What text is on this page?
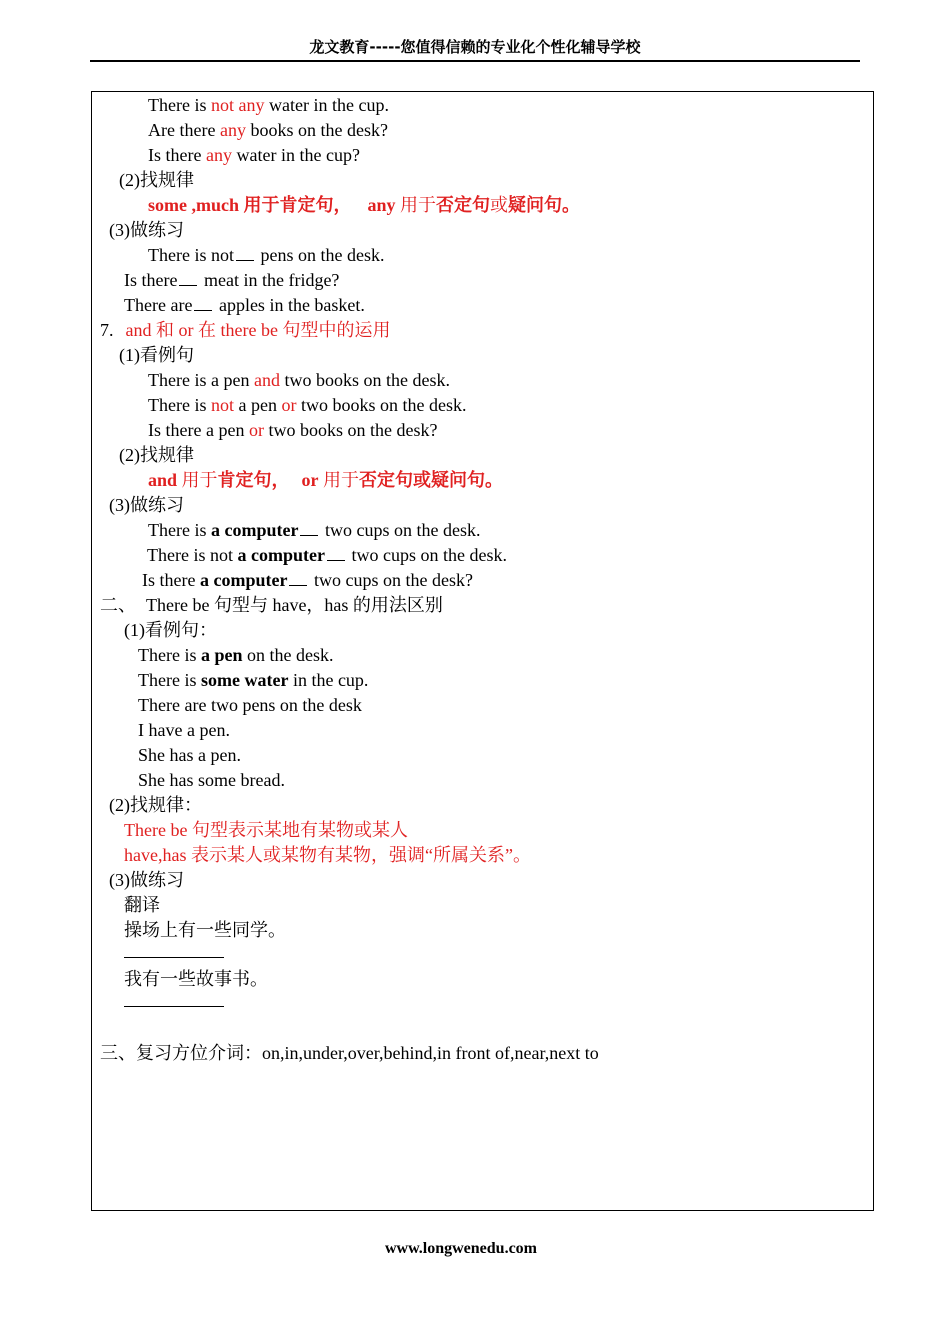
龙文教育-----您值得信赖的专业化个性化辅导学校
There is not any water in the cup.
Are there any books on the desk?
Is there any water in the cup?
(2)找规律
some ,much 用于肯定句， any 用于否定句或疑问句。
(3)做练习
There is not pens on the desk.
Is there meat in the fridge?
There are apples in the basket.
7. and 和 or 在 there be 句型中的运用
(1)看例句
There is a pen and two books on the desk.
There is not a pen or two books on the desk.
Is there a pen or two books on the desk?
(2)找规律
and 用于肯定句， or 用于否定句或疑问句。
(3)做练习
There is a computer two cups on the desk.
There is not a computer two cups on the desk.
Is there a computer two cups on the desk?
二、 There be 句型与 have，has 的用法区别
(1)看例句：
There is a pen on the desk.
There is some water in the cup.
There are two pens on the desk
I have a pen.
She has a pen.
She has some bread.
(2)找规律：
There be 句型表示某地有某物或某人
have,has 表示某人或某物有某物，强调“所属关系”。
(3)做练习
翻译
操场上有一些同学。
我有一些故事书。
三、复习方位介词：on,in,under,over,behind,in front of,near,next to
www.longwenedu.com
